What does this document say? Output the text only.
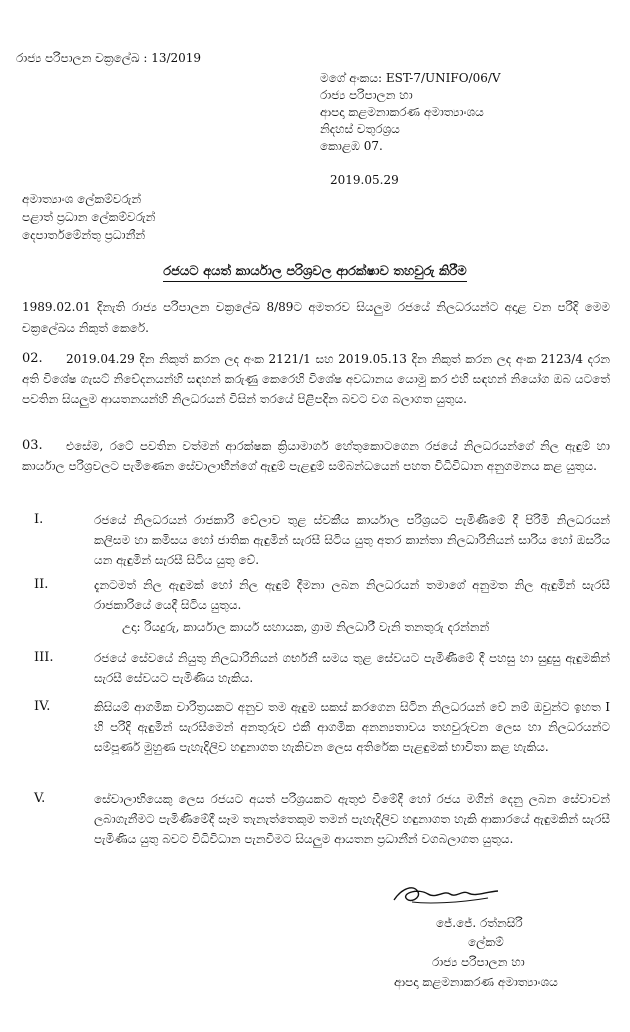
රාජ්‍ය පරිපාලන චක්‍රලේඛ : 13/2019
මගේ අංකය: EST-7/UNIFO/06/V
රාජ්‍ය පරිපාලන හා
ආපදා කළමනාකරණ අමාත්‍යාංශය
නිදහස් චතුරශ්‍රය
කොළඹ 07.
2019.05.29
අමාත්‍යාංශ ලේකම්වරුන්
පළාත් ප්‍රධාන ලේකම්වරුන්
දෙපාර්තමේන්තු ප්‍රධානීන්
රජයට අයත් කාර්යාල පරිශ්‍රවල ආරක්ෂාව තහවුරු කිරීම
1989.02.01 දිනැති රාජ්‍ය පරිපාලන චක්‍රලේඛ 8/89ට අමතරව සියලුම රජයේ නිලධරයන්ට අදාළ වන පරිදි මෙම චක්‍රලේඛය නිකුත් කෙරේ.
02.	2019.04.29 දින නිකුත් කරන ලද අංක 2121/1 සහ 2019.05.13 දින නිකුත් කරන ලද අංක 2123/4 දරන අති විශේෂ ගැසට් නිවේදනයන්හි සඳහන් කරුණු කෙරෙහි විශේෂ අවධානය යොමු කර එහි සඳහන් නියෝග ඔබ යටතේ පවතින සියලුම ආයතනයන්හි නිලධරයන් විසින් තරයේ පිළිපදින බවට වග බලාගත යුතුය.
03.	එසේම, රටේ පවතින වත්මන් ආරක්ෂක ක්‍රියාමාර්ග හේතුකොටගෙන රජයේ නිලධරයන්ගේ නිල ඇඳුම් හා කාර්යාල පරිශ්‍රවලට පැමිණෙන සේවාලාභීන්ගේ ඇඳුම් පැළඳුම් සම්බන්ධයෙන් පහත විධිවිධාන අනුගමනය කළ යුතුය.
I.	රජයේ නිලධරයන් රාජකාරි වේලාව තුළ ස්වකීය කාර්යාල පරිශ්‍රයට පැමිණීමේ දී පිරිමි නිලධරයන් කලිසම හා කමිසය හෝ ජාතික ඇඳුමින් සැරසී සිටිය යුතු අතර කාන්තා නිලධාරිනියන් සාරිය හෝ ඔසරිය යන ඇඳුමින් සැරසී සිටිය යුතු වේ.
II.	දැනටමත් නිල ඇඳුමක් හෝ නිල ඇඳුම් දීමනා ලබන නිලධරයන් තමාගේ අනුමත නිල ඇඳුමින් සැරසී රාජකාරියේ යෙදී සිටිය යුතුය.
උදා: රියදුරු, කාර්යාල කාර්ය සහායක, ග්‍රාම නිලධාරී වැනි තනතුරු දරන්නන්
III.	රජයේ සේවයේ නියුතු නිලධාරිනියන් ගර්භනී සමය තුළ සේවයට පැමිණීමේ දී පහසු හා සුදුසු ඇඳුමකින් සැරසී සේවයට පැමිණිය හැකිය.
IV.	කිසියම් ආගමික චාරිත්‍රයකට අනුව තම ඇඳුම සකස් කරගෙන සිටින නිලධරයන් වේ නම් ඔවුන්ට ඉහත I හි පරිදි ඇඳුමින් සැරසීමෙන් අනතුරුව එකී ආගමික අනන්‍යතාවය තහවුරුවන ලෙස හා නිලධරයන්ට සම්පූර්ණ මුහුණ පැහැදිලිව හඳුනාගත හැකිවන ලෙස අතිරේක පැළඳුමක් භාවිතා කළ හැකිය.
V.	සේවාලාභියෙකු ලෙස රජයට අයත් පරිශ්‍රයකට ඇතුළු වීමේදී හෝ රජය මගින් දෙනු ලබන සේවාවන් ලබාගැනීමට පැමිණීමේදී සෑම තැනැත්තෙකුම තමන් පැහැදිලිව හඳුනාගත හැකි ආකාරයේ ඇඳුමකින් සැරසී පැමිණිය යුතු බවට විධිවිධාන පැනවීමට සියලුම ආයතන ප්‍රධානීන් වගබලාගත යුතුය.
ජේ.ජේ. රත්නසිරි
ලේකම්
රාජ්‍ය පරිපාලන හා
ආපදා කළමනාකරණ අමාත්‍යාංශය
